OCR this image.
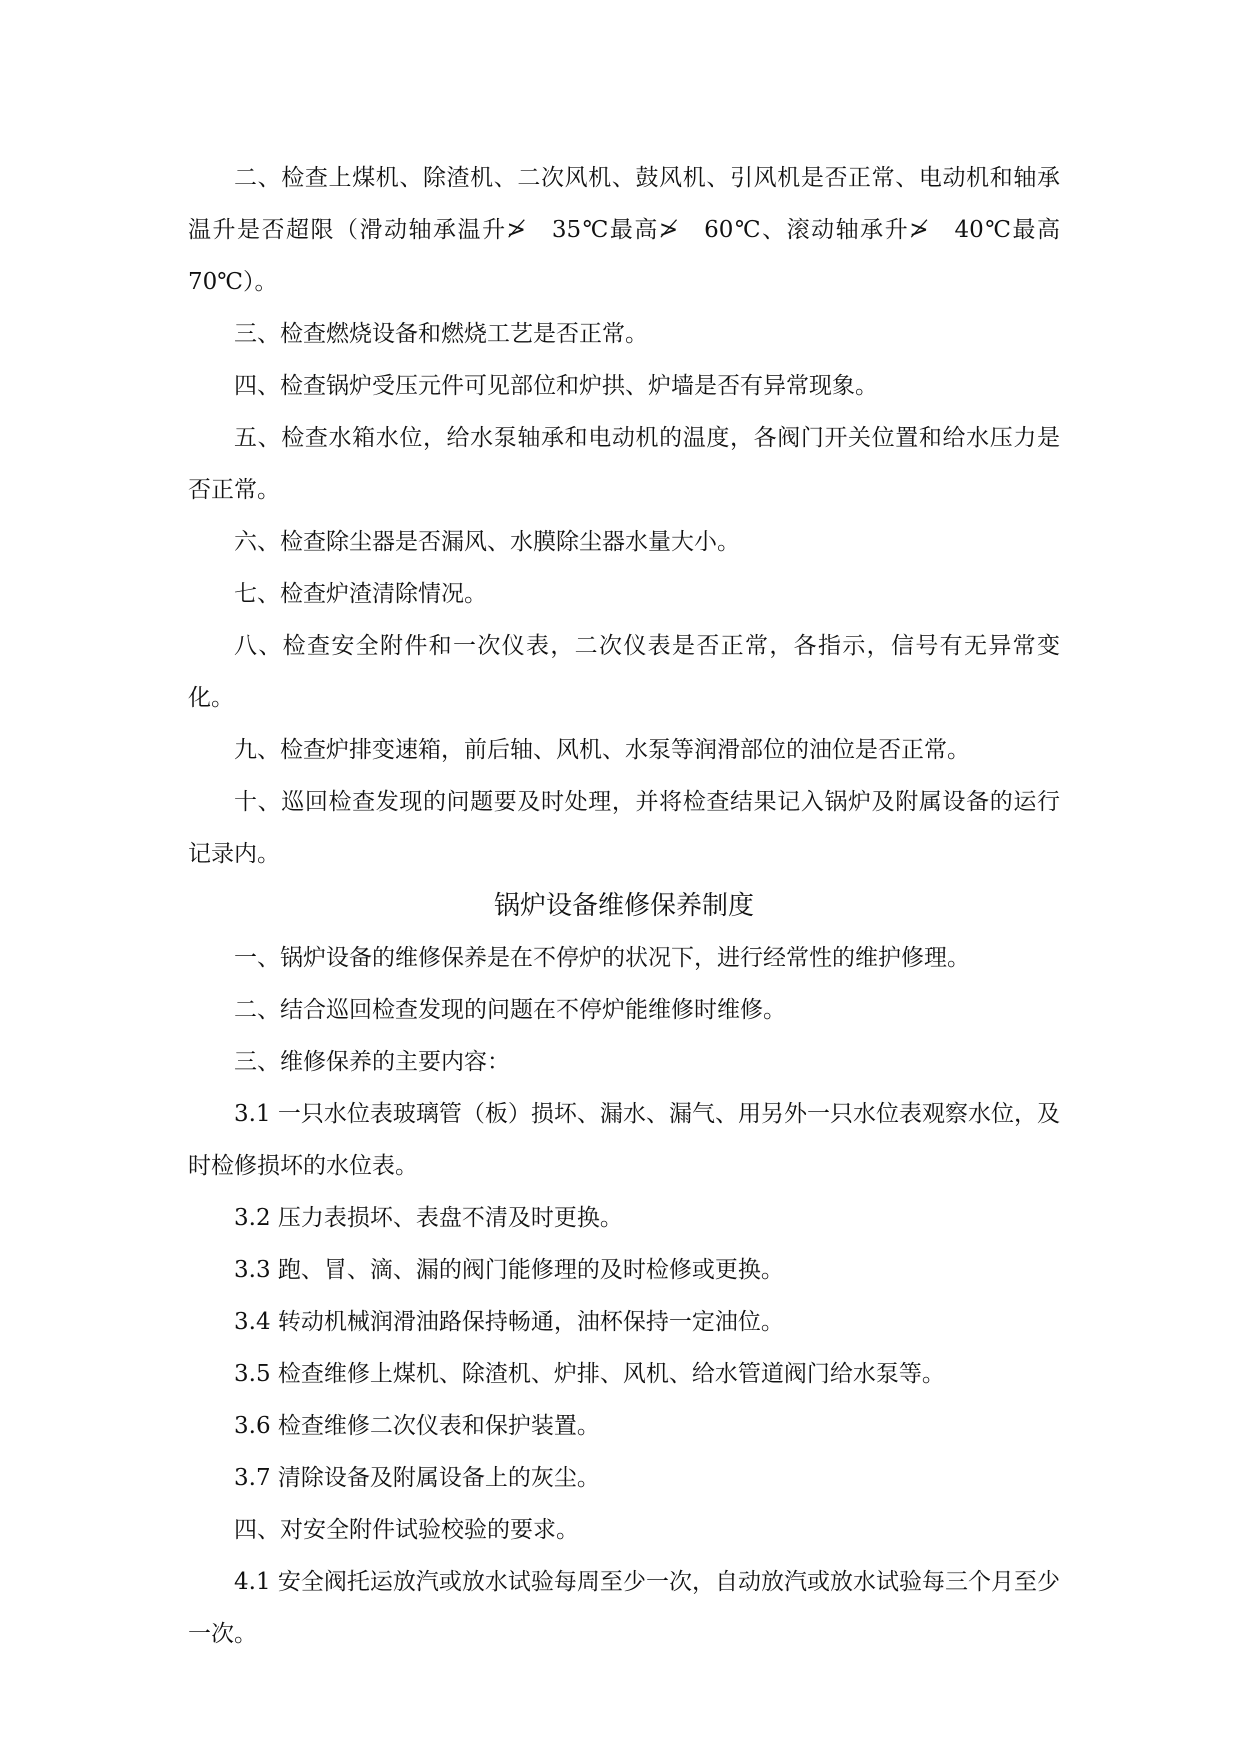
二、检查上煤机、除渣机、二次风机、鼓风机、引风机是否正常、电动机和轴承温升是否超限（滑动轴承温升≯　35℃最高≯　60℃、滚动轴承升≯　40℃最高　70℃）。

三、检查燃烧设备和燃烧工艺是否正常。

四、检查锅炉受压元件可见部位和炉拱、炉墙是否有异常现象。

五、检查水箱水位，给水泵轴承和电动机的温度，各阀门开关位置和给水压力是否正常。

六、检查除尘器是否漏风、水膜除尘器水量大小。

七、检查炉渣清除情况。

八、检查安全附件和一次仪表，二次仪表是否正常，各指示，信号有无异常变化。

九、检查炉排变速箱，前后轴、风机、水泵等润滑部位的油位是否正常。

十、巡回检查发现的问题要及时处理，并将检查结果记入锅炉及附属设备的运行记录内。

锅炉设备维修保养制度

一、锅炉设备的维修保养是在不停炉的状况下，进行经常性的维护修理。

二、结合巡回检查发现的问题在不停炉能维修时维修。

三、维修保养的主要内容：

3.1 一只水位表玻璃管（板）损坏、漏水、漏气、用另外一只水位表观察水位，及时检修损坏的水位表。

3.2 压力表损坏、表盘不清及时更换。

3.3 跑、冒、滴、漏的阀门能修理的及时检修或更换。

3.4 转动机械润滑油路保持畅通，油杯保持一定油位。

3.5 检查维修上煤机、除渣机、炉排、风机、给水管道阀门给水泵等。

3.6 检查维修二次仪表和保护装置。

3.7 清除设备及附属设备上的灰尘。

四、对安全附件试验校验的要求。

4.1 安全阀托运放汽或放水试验每周至少一次，自动放汽或放水试验每三个月至少一次。
